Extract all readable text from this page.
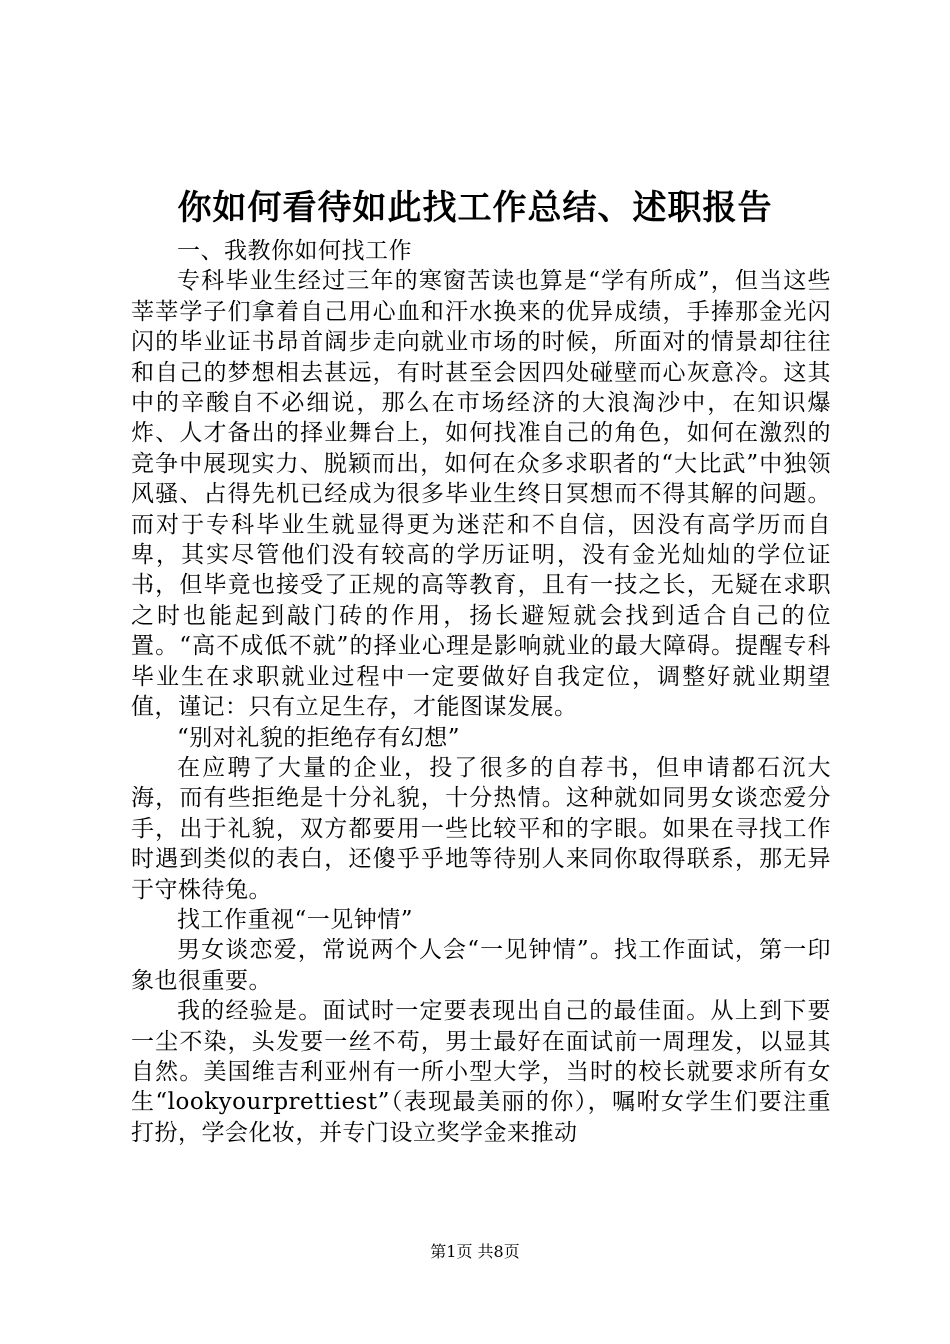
你如何看待如此找工作总结、述职报告

一、我教你如何找工作

专科毕业生经过三年的寒窗苦读也算是“学有所成”，但当这些莘莘学子们拿着自己用心血和汗水换来的优异成绩，手捧那金光闪闪的毕业证书昂首阔步走向就业市场的时候，所面对的情景却往往和自己的梦想相去甚远，有时甚至会因四处碰壁而心灰意冷。这其中的辛酸自不必细说，那么在市场经济的大浪淘沙中，在知识爆炸、人才备出的择业舞台上，如何找准自己的角色，如何在激烈的竞争中展现实力、脱颖而出，如何在众多求职者的“大比武”中独领风骚、占得先机已经成为很多毕业生终日冥想而不得其解的问题。而对于专科毕业生就显得更为迷茫和不自信，因没有高学历而自卑，其实尽管他们没有较高的学历证明，没有金光灿灿的学位证书，但毕竟也接受了正规的高等教育，且有一技之长，无疑在求职之时也能起到敲门砖的作用，扬长避短就会找到适合自己的位置。“高不成低不就”的择业心理是影响就业的最大障碍。提醒专科毕业生在求职就业过程中一定要做好自我定位，调整好就业期望值，谨记：只有立足生存，才能图谋发展。

“别对礼貌的拒绝存有幻想”

在应聘了大量的企业，投了很多的自荐书，但申请都石沉大海，而有些拒绝是十分礼貌，十分热情。这种就如同男女谈恋爱分手，出于礼貌，双方都要用一些比较平和的字眼。如果在寻找工作时遇到类似的表白，还傻乎乎地等待别人来同你取得联系，那无异于守株待兔。

找工作重视“一见钟情”

男女谈恋爱，常说两个人会“一见钟情”。找工作面试，第一印象也很重要。

我的经验是。面试时一定要表现出自己的最佳面。从上到下要一尘不染，头发要一丝不苟，男士最好在面试前一周理发，以显其自然。美国维吉利亚州有一所小型大学，当时的校长就要求所有女生“lookyourprettiest”（表现最美丽的你），嘱咐女学生们要注重打扮，学会化妆，并专门设立奖学金来推动

第1页 共8页
